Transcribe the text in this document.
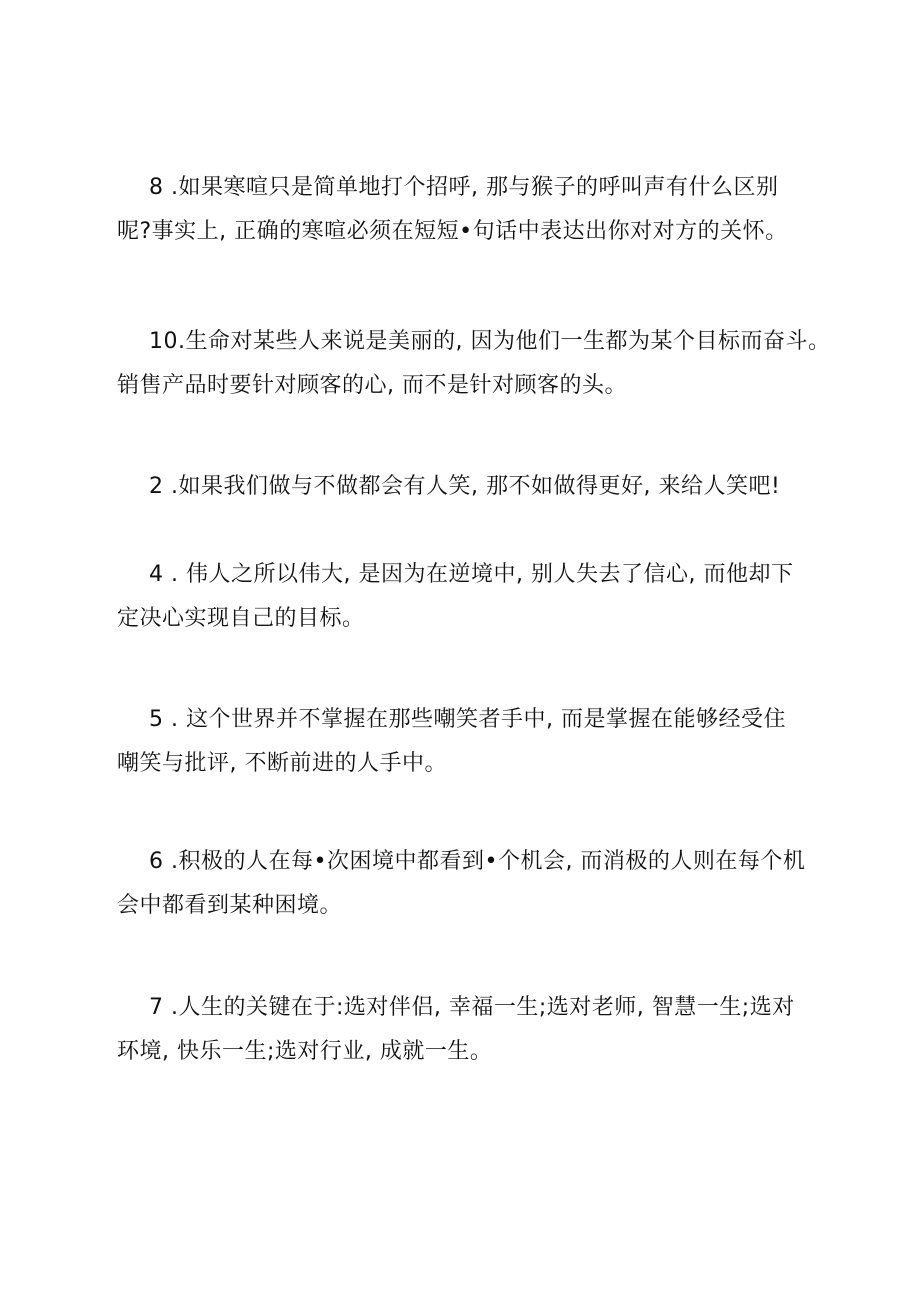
8 .如果寒喧只是简单地打个招呼, 那与猴子的呼叫声有什么区别
呢?事实上, 正确的寒喧必须在短短•句话中表达出你对对方的关怀。
10.生命对某些人来说是美丽的, 因为他们一生都为某个目标而奋斗。
销售产品时要针对顾客的心, 而不是针对顾客的头。
2 .如果我们做与不做都会有人笑, 那不如做得更好, 来给人笑吧!
4 . 伟人之所以伟大, 是因为在逆境中, 别人失去了信心, 而他却下
定决心实现自己的目标。
5 . 这个世界并不掌握在那些嘲笑者手中, 而是掌握在能够经受住
嘲笑与批评, 不断前进的人手中。
6 .积极的人在每•次困境中都看到•个机会, 而消极的人则在每个机
会中都看到某种困境。
7 .人生的关键在于:选对伴侣, 幸福一生;选对老师, 智慧一生;选对
环境, 快乐一生;选对行业, 成就一生。
